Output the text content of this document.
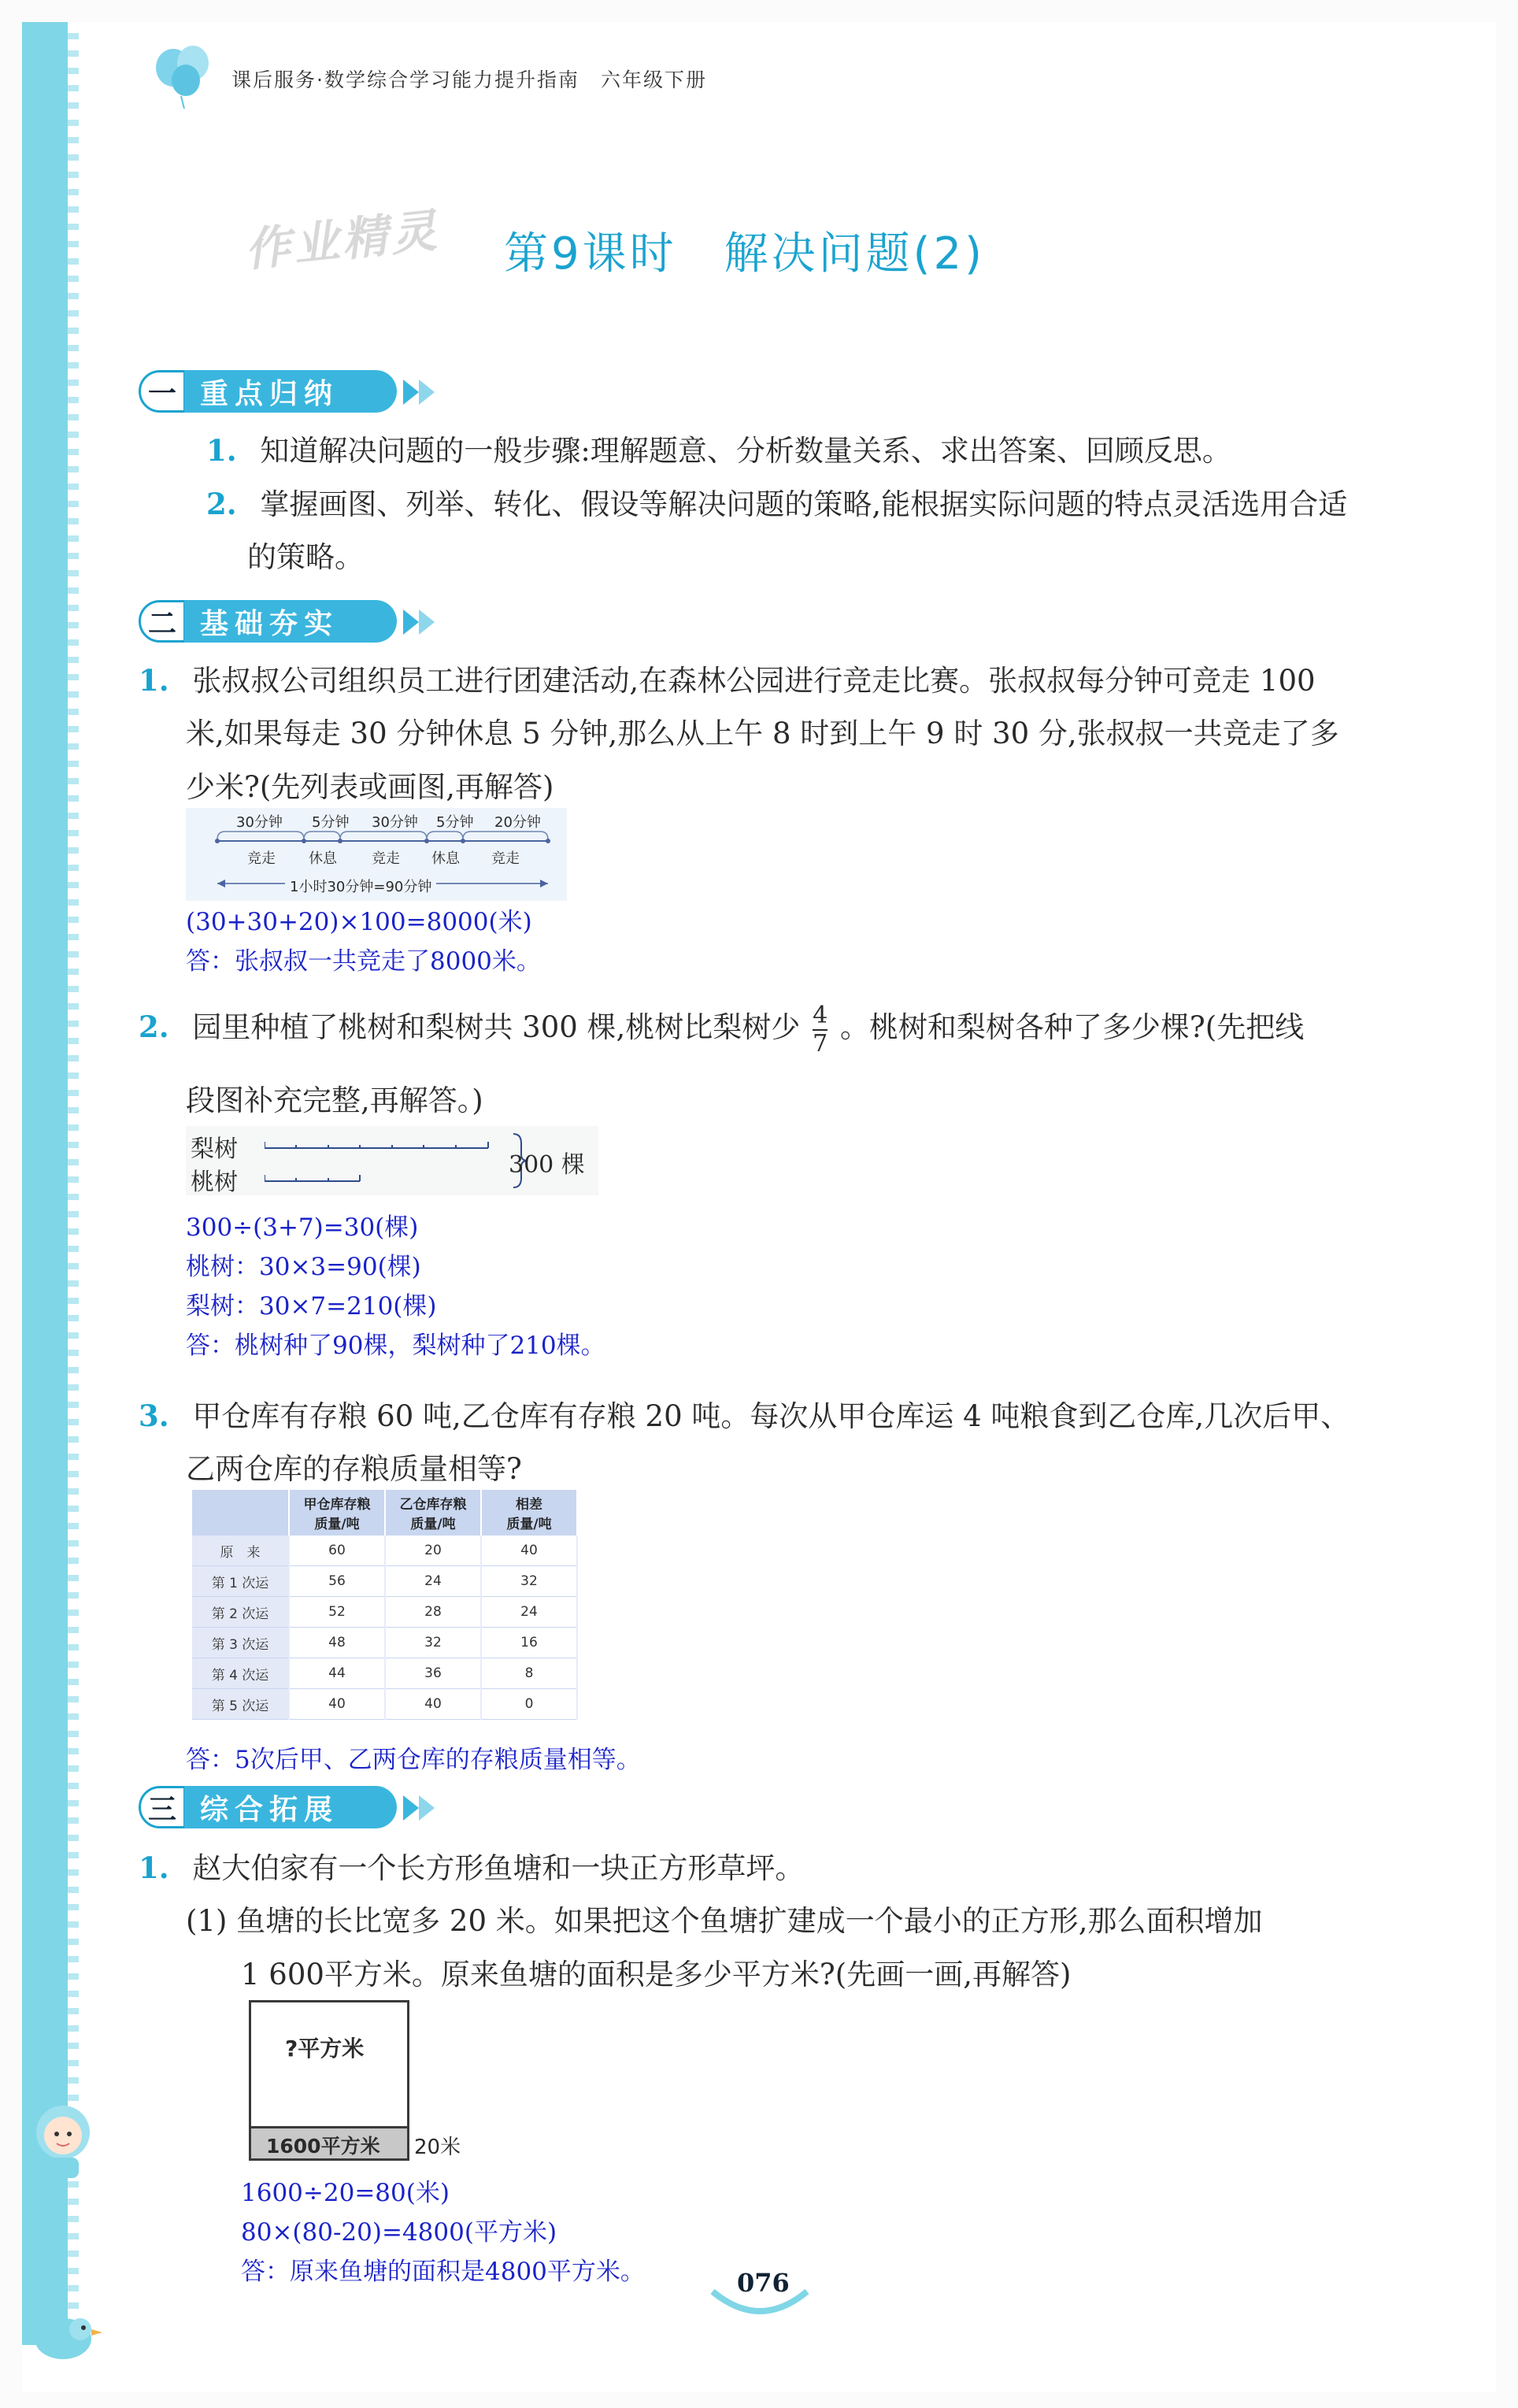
课后服务·数学综合学习能力提升指南　六年级下册
作业精灵 第9课时　解决问题(2)
一 重点归纳
1. 知道解决问题的一般步骤:理解题意、分析数量关系、求出答案、回顾反思。
2. 掌握画图、列举、转化、假设等解决问题的策略,能根据实际问题的特点灵活选用合适
的策略。
二 基础夯实
1. 张叔叔公司组织员工进行团建活动,在森林公园进行竞走比赛。张叔叔每分钟可竞走 100
米,如果每走 30 分钟休息 5 分钟,那么从上午 8 时到上午 9 时 30 分,张叔叔一共竞走了多
少米?(先列表或画图,再解答)
30分钟 5分钟 30分钟 5分钟 20分钟
竞走 休息 竞走 休息 竞走
1小时30分钟=90分钟
(30+30+20)×100=8000(米)
答：张叔叔一共竞走了8000米。
2. 园里种植了桃树和梨树共 300 棵,桃树比梨树少 $\frac{4}{7}$ 。桃树和梨树各种了多少棵?(先把线
段图补充完整,再解答。)
梨树
桃树
300 棵
300÷(3+7)=30(棵)
桃树：30×3=90(棵)
梨树：30×7=210(棵)
答：桃树种了90棵，梨树种了210棵。
3. 甲仓库有存粮 60 吨,乙仓库有存粮 20 吨。每次从甲仓库运 4 吨粮食到乙仓库,几次后甲、
乙两仓库的存粮质量相等?
	甲仓库存粮
质量/吨	乙仓库存粮
质量/吨	相差
质量/吨
原　来	60	20	40
第 1 次运	56	24	32
第 2 次运	52	28	24
第 3 次运	48	32	16
第 4 次运	44	36	8
第 5 次运	40	40	0
答：5次后甲、乙两仓库的存粮质量相等。
三 综合拓展
1. 赵大伯家有一个长方形鱼塘和一块正方形草坪。
(1) 鱼塘的长比宽多 20 米。如果把这个鱼塘扩建成一个最小的正方形,那么面积增加
1 600平方米。原来鱼塘的面积是多少平方米?(先画一画,再解答)
?平方米
1600平方米 20米
1600÷20=80(米)
80×(80-20)=4800(平方米)
答：原来鱼塘的面积是4800平方米。	076
